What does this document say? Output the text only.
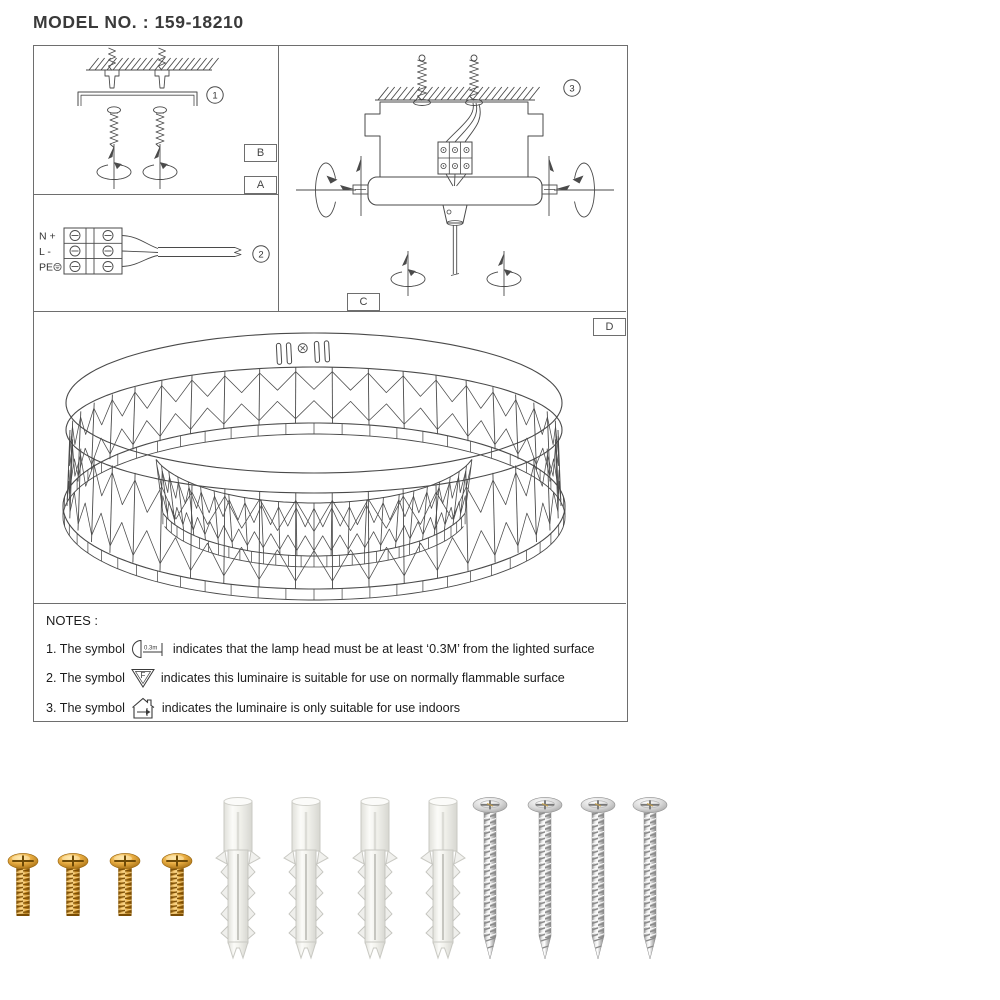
MODEL NO. : 159-18210
1
N +
L -
PE
2
3
NOTES :
1. The symbol	0.3m indicates that the lamp head must be at least ‘0.3M’ from the lighted surface
2. The symbol F indicates this luminaire is suitable for use on normally flammable surface
3. The symbol	indicates the luminaire is only suitable for use indoors
A
B
C
D
